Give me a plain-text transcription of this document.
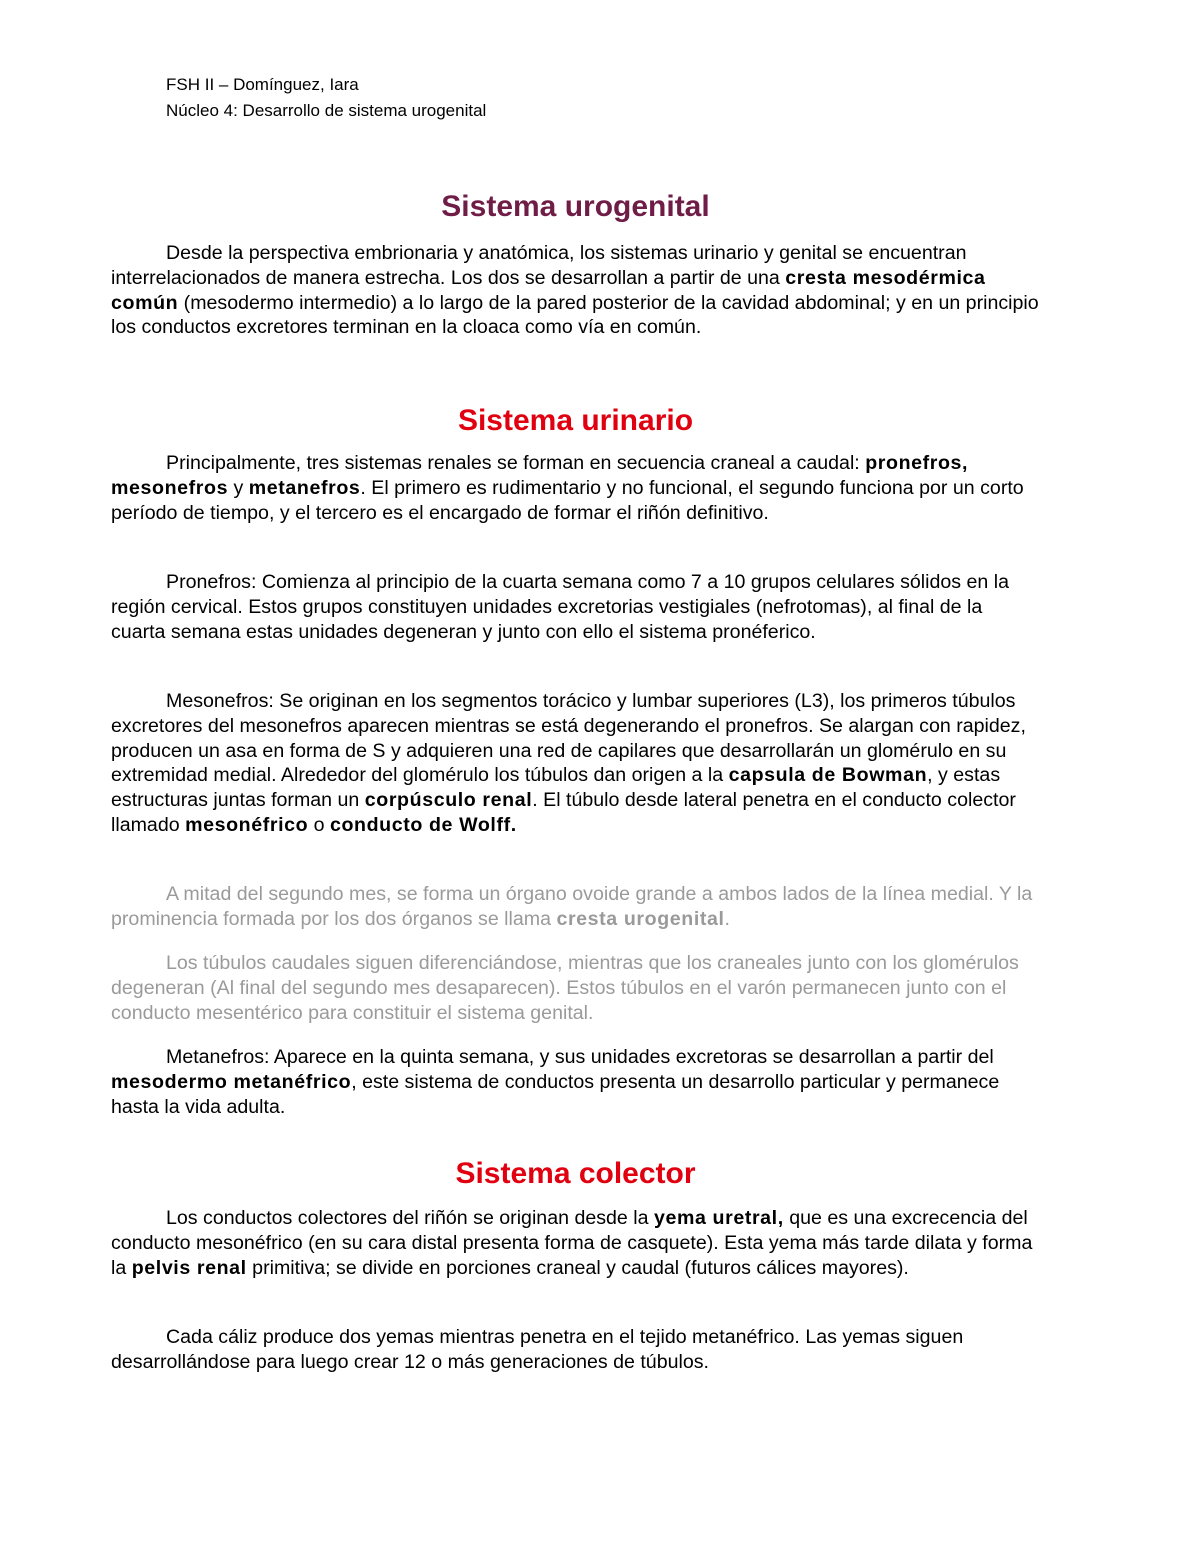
FSH II – Domínguez, Iara
Núcleo 4: Desarrollo de sistema urogenital
Sistema urogenital

Desde la perspectiva embrionaria y anatómica, los sistemas urinario y genital se encuentran interrelacionados de manera estrecha. Los dos se desarrollan a partir de una cresta mesodérmica común (mesodermo intermedio) a lo largo de la pared posterior de la cavidad abdominal; y en un principio los conductos excretores terminan en la cloaca como vía en común.

Sistema urinario

Principalmente, tres sistemas renales se forman en secuencia craneal a caudal: pronefros, mesonefros y metanefros. El primero es rudimentario y no funcional, el segundo funciona por un corto período de tiempo, y el tercero es el encargado de formar el riñón definitivo.

Pronefros: Comienza al principio de la cuarta semana como 7 a 10 grupos celulares sólidos en la región cervical. Estos grupos constituyen unidades excretorias vestigiales (nefrotomas), al final de la cuarta semana estas unidades degeneran y junto con ello el sistema pronéferico.

Mesonefros: Se originan en los segmentos torácico y lumbar superiores (L3), los primeros túbulos excretores del mesonefros aparecen mientras se está degenerando el pronefros. Se alargan con rapidez, producen un asa en forma de S y adquieren una red de capilares que desarrollarán un glomérulo en su extremidad medial. Alrededor del glomérulo los túbulos dan origen a la capsula de Bowman, y estas estructuras juntas forman un corpúsculo renal. El túbulo desde lateral penetra en el conducto colector llamado mesonéfrico o conducto de Wolff.

A mitad del segundo mes, se forma un órgano ovoide grande a ambos lados de la línea medial. Y la prominencia formada por los dos órganos se llama cresta urogenital.

Los túbulos caudales siguen diferenciándose, mientras que los craneales junto con los glomérulos degeneran (Al final del segundo mes desaparecen). Estos túbulos en el varón permanecen junto con el conducto mesentérico para constituir el sistema genital.

Metanefros: Aparece en la quinta semana, y sus unidades excretoras se desarrollan a partir del mesodermo metanéfrico, este sistema de conductos presenta un desarrollo particular y permanece hasta la vida adulta.

Sistema colector

Los conductos colectores del riñón se originan desde la yema uretral, que es una excrecencia del conducto mesonéfrico (en su cara distal presenta forma de casquete). Esta yema más tarde dilata y forma la pelvis renal primitiva; se divide en porciones craneal y caudal (futuros cálices mayores).

Cada cáliz produce dos yemas mientras penetra en el tejido metanéfrico. Las yemas siguen desarrollándose para luego crear 12 o más generaciones de túbulos.
